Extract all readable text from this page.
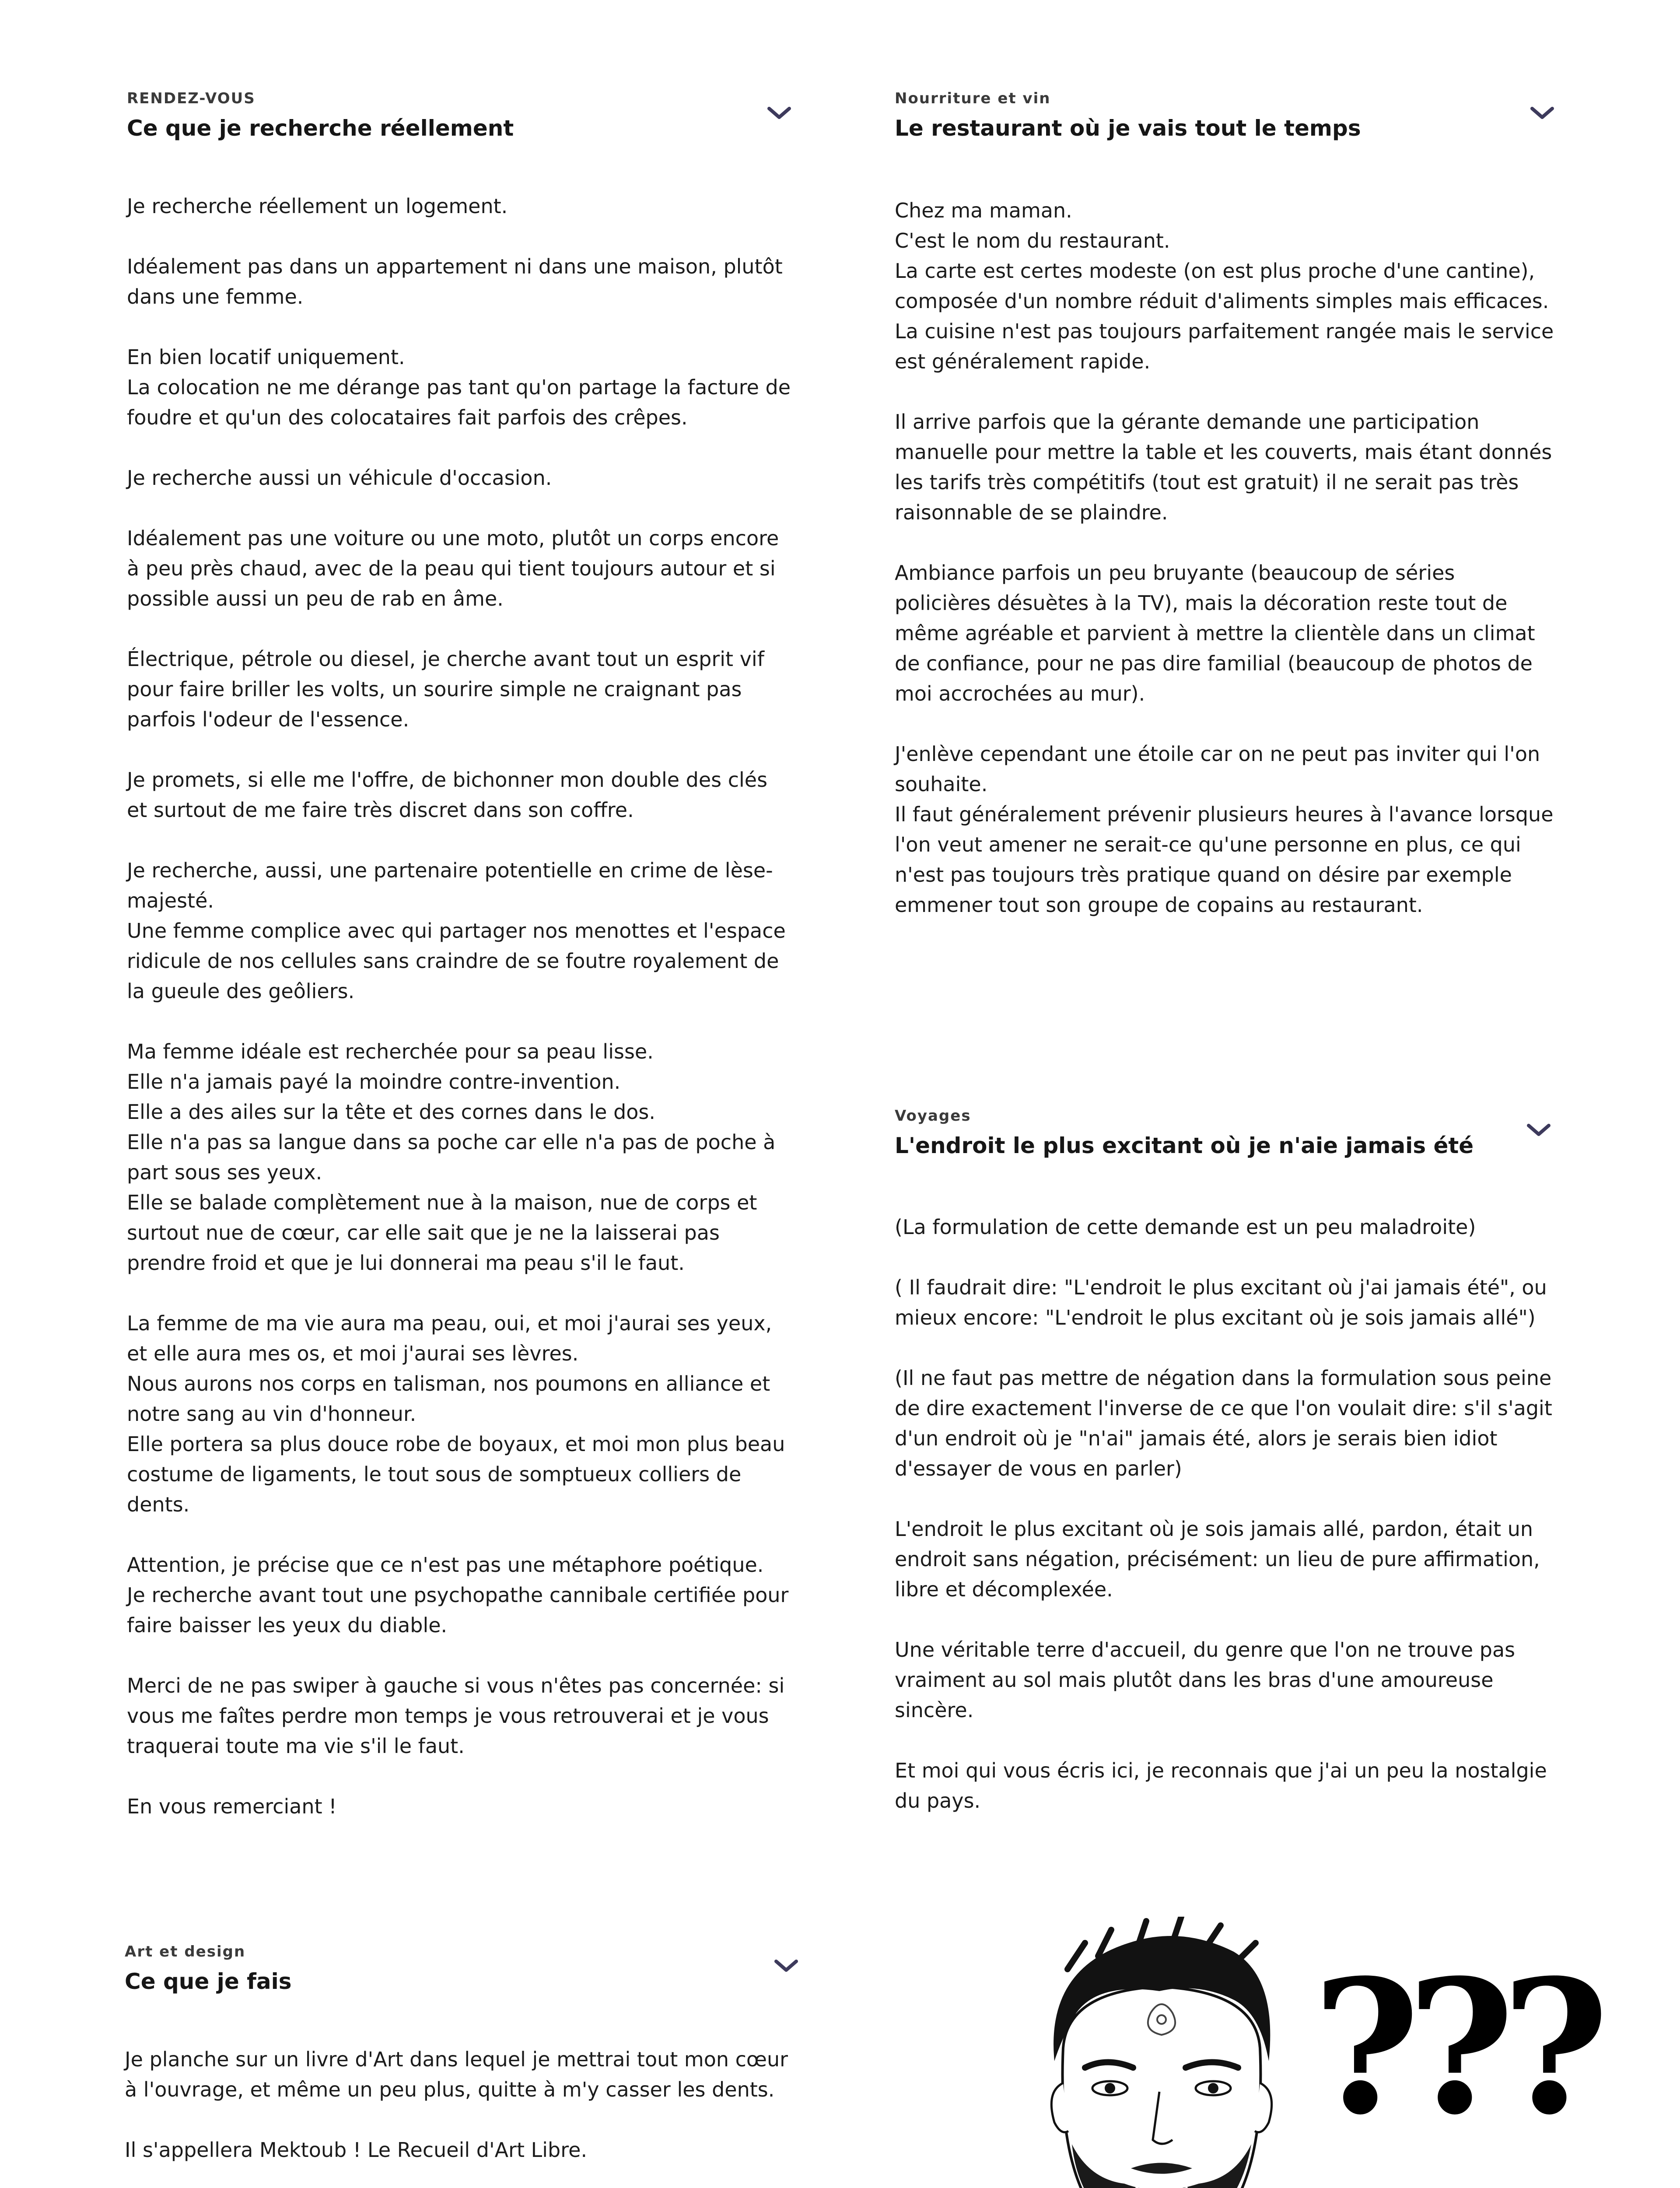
RENDEZ-VOUS

Ce que je recherche réellement

Je recherche réellement un logement.

Idéalement pas dans un appartement ni dans une maison, plutôt dans une femme.

En bien locatif uniquement.
La colocation ne me dérange pas tant qu'on partage la facture de foudre et qu'un des colocataires fait parfois des crêpes.

Je recherche aussi un véhicule d'occasion.

Idéalement pas une voiture ou une moto, plutôt un corps encore à peu près chaud, avec de la peau qui tient toujours autour et si possible aussi un peu de rab en âme.

Électrique, pétrole ou diesel, je cherche avant tout un esprit vif pour faire briller les volts, un sourire simple ne craignant pas parfois l'odeur de l'essence.

Je promets, si elle me l'offre, de bichonner mon double des clés et surtout de me faire très discret dans son coffre.

Je recherche, aussi, une partenaire potentielle en crime de lèse-majesté.
Une femme complice avec qui partager nos menottes et l'espace ridicule de nos cellules sans craindre de se foutre royalement de la gueule des geôliers.

Ma femme idéale est recherchée pour sa peau lisse.
Elle n'a jamais payé la moindre contre-invention.
Elle a des ailes sur la tête et des cornes dans le dos.
Elle n'a pas sa langue dans sa poche car elle n'a pas de poche à part sous ses yeux.
Elle se balade complètement nue à la maison, nue de corps et surtout nue de cœur, car elle sait que je ne la laisserai pas prendre froid et que je lui donnerai ma peau s'il le faut.

La femme de ma vie aura ma peau, oui, et moi j'aurai ses yeux, et elle aura mes os, et moi j'aurai ses lèvres.
Nous aurons nos corps en talisman, nos poumons en alliance et notre sang au vin d'honneur.
Elle portera sa plus douce robe de boyaux, et moi mon plus beau costume de ligaments, le tout sous de somptueux colliers de dents.

Attention, je précise que ce n'est pas une métaphore poétique.
Je recherche avant tout une psychopathe cannibale certifiée pour faire baisser les yeux du diable.

Merci de ne pas swiper à gauche si vous n'êtes pas concernée: si vous me faîtes perdre mon temps je vous retrouverai et je vous traquerai toute ma vie s'il le faut.

En vous remerciant !

Nourriture et vin

Le restaurant où je vais tout le temps

Chez ma maman.
C'est le nom du restaurant.
La carte est certes modeste (on est plus proche d'une cantine), composée d'un nombre réduit d'aliments simples mais efficaces.
La cuisine n'est pas toujours parfaitement rangée mais le service est généralement rapide.

Il arrive parfois que la gérante demande une participation manuelle pour mettre la table et les couverts, mais étant donnés les tarifs très compétitifs (tout est gratuit) il ne serait pas très raisonnable de se plaindre.

Ambiance parfois un peu bruyante (beaucoup de séries policières désuètes à la TV), mais la décoration reste tout de même agréable et parvient à mettre la clientèle dans un climat de confiance, pour ne pas dire familial (beaucoup de photos de moi accrochées au mur).

J'enlève cependant une étoile car on ne peut pas inviter qui l'on souhaite.
Il faut généralement prévenir plusieurs heures à l'avance lorsque l'on veut amener ne serait-ce qu'une personne en plus, ce qui n'est pas toujours très pratique quand on désire par exemple emmener tout son groupe de copains au restaurant.

Voyages

L'endroit le plus excitant où je n'aie jamais été

(La formulation de cette demande est un peu maladroite)

( Il faudrait dire: "L'endroit le plus excitant où j'ai jamais été", ou mieux encore: "L'endroit le plus excitant où je sois jamais allé")

(Il ne faut pas mettre de négation dans la formulation sous peine de dire exactement l'inverse de ce que l'on voulait dire: s'il s'agit d'un endroit où je "n'ai" jamais été, alors je serais bien idiot d'essayer de vous en parler)

L'endroit le plus excitant où je sois jamais allé, pardon, était un endroit sans négation, précisément: un lieu de pure affirmation, libre et décomplexée.

Une véritable terre d'accueil, du genre que l'on ne trouve pas vraiment au sol mais plutôt dans les bras d'une amoureuse sincère.

Et moi qui vous écris ici, je reconnais que j'ai un peu la nostalgie du pays.

Art et design

Ce que je fais

Je planche sur un livre d'Art dans lequel je mettrai tout mon cœur à l'ouvrage, et même un peu plus, quitte à m'y casser les dents.

Il s'appellera Mektoub ! Le Recueil d'Art Libre.	???
